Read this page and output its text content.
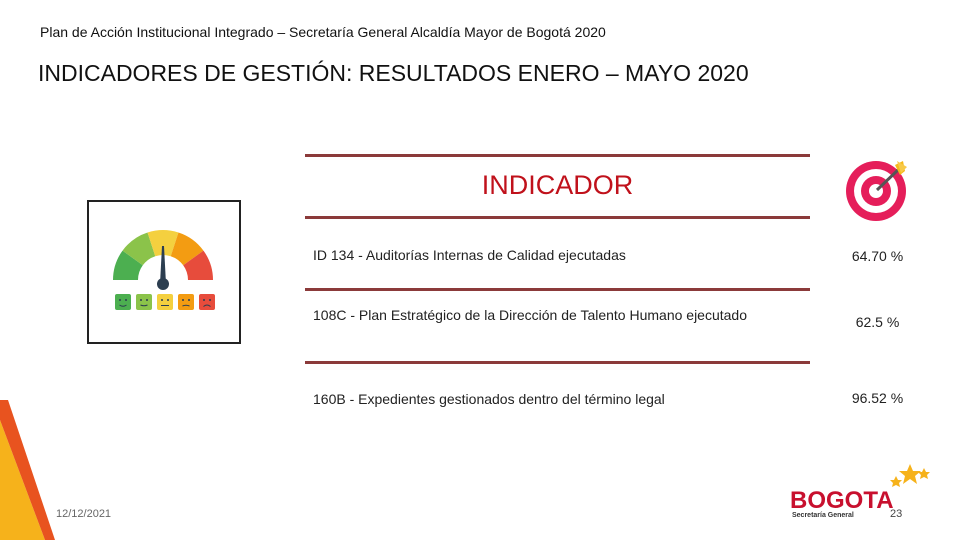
Plan de Acción Institucional Integrado – Secretaría General Alcaldía Mayor de Bogotá 2020
INDICADORES DE GESTIÓN: RESULTADOS ENERO – MAYO 2020
INDICADOR
ID 134 - Auditorías Internas de Calidad ejecutadas	64.70 %
108C - Plan Estratégico de la Dirección de Talento Humano ejecutado	62.5 %
160B - Expedientes gestionados dentro del término legal	96.52 %
12/12/2021	BOGOTA
Secretaría General	23
